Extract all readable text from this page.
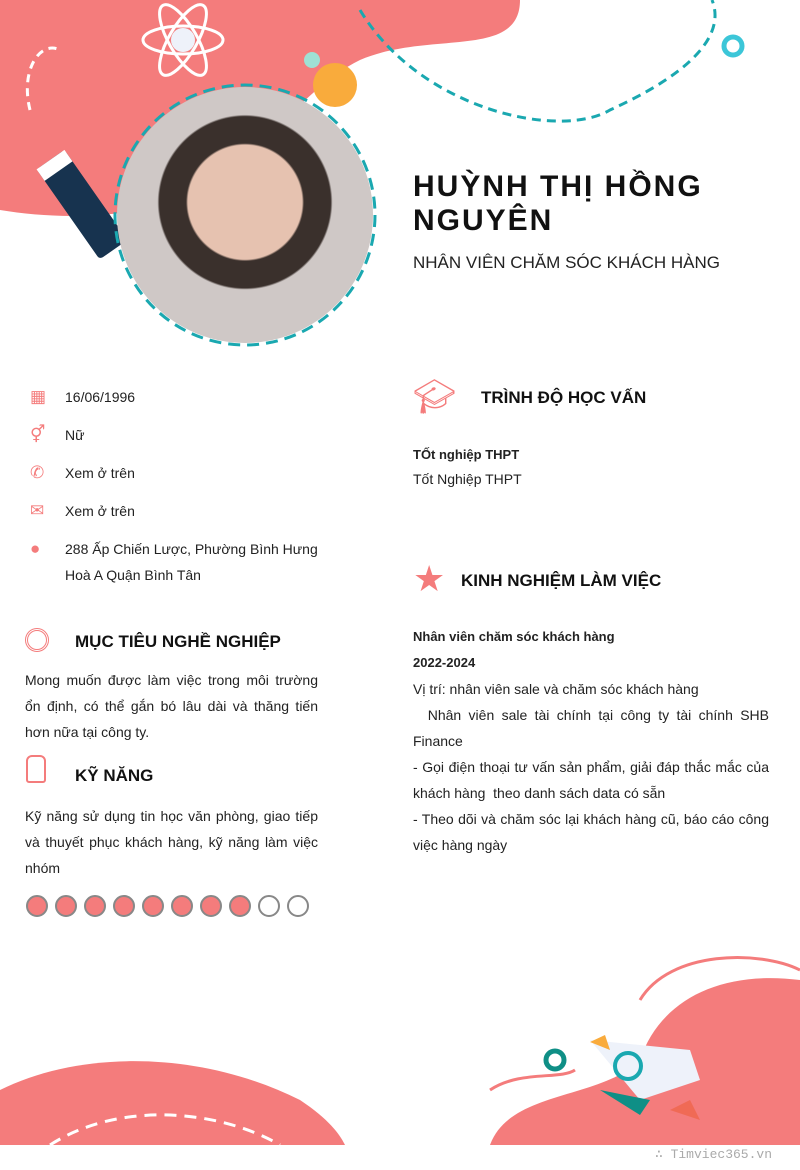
HUỲNH THỊ HỒNG
NGUYÊN
NHÂN VIÊN CHĂM SÓC KHÁCH HÀNG
▦	16/06/1996
⚥	Nữ
✆	Xem ở trên
✉	Xem ở trên
●	288 Ấp Chiến Lược, Phường Bình Hưng
Hoà A Quận Bình Tân
MỤC TIÊU NGHỀ NGHIỆP
Mong muốn được làm việc trong môi trường ổn định, có thể gắn bó lâu dài và thăng tiến hơn nữa tại công ty.
KỸ NĂNG
Kỹ năng sử dụng tin học văn phòng, giao tiếp và thuyết phục khách hàng, kỹ năng làm việc nhóm
🎓︎ TRÌNH ĐỘ HỌC VẤN
TỐt nghiệp THPT
Tốt Nghiệp THPT
★ KINH NGHIỆM LÀM VIỆC
Nhân viên chăm sóc khách hàng
2022-2024
Vị trí: nhân viên sale và chăm sóc khách hàng
Nhân viên sale tài chính tại công ty tài chính SHB Finance
- Gọi điện thoại tư vấn sản phẩm, giải đáp thắc mắc của khách hàng  theo danh sách data có sẵn
- Theo dõi và chăm sóc lại khách hàng cũ, báo cáo công việc hàng ngày
∴ Timviec365.vn
